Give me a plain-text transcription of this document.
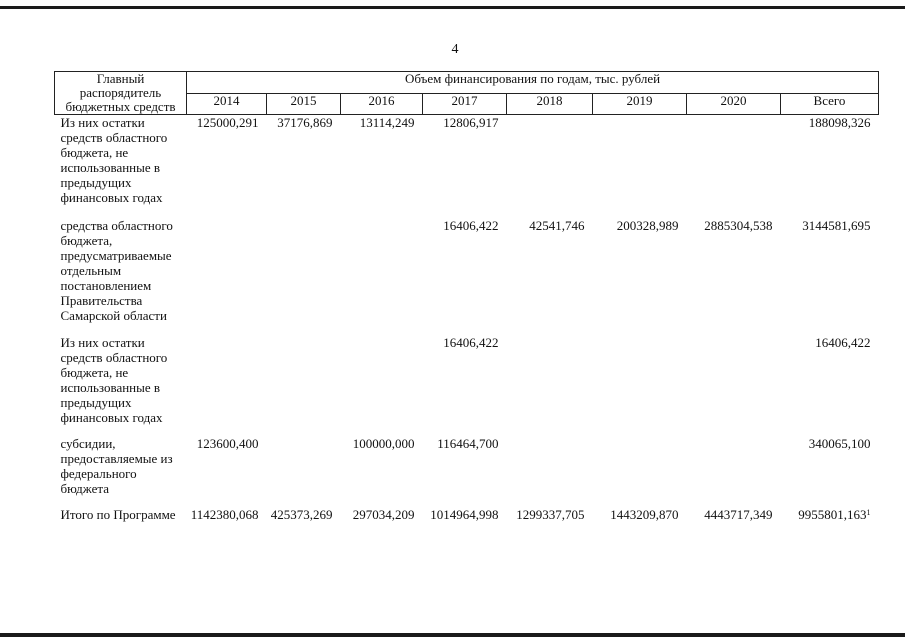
4
Главный распорядитель бюджетных средств	Объем финансирования по годам, тыс. рублей							
	2014	2015	2016	2017	2018	2019	2020	Всего
Из них остатки средств областного бюджета, не использованные в предыдущих финансовых годах	125000,291	37176,869	13114,249	12806,917				188098,326
средства областного бюджета, предусматриваемые отдельным постановлением Правительства Самарской области				16406,422	42541,746	200328,989	2885304,538	3144581,695
Из них остатки средств областного бюджета, не использованные в предыдущих финансовых годах				16406,422				16406,422
субсидии, предоставляемые из федерального бюджета	123600,400		100000,000	116464,700				340065,100
Итого по Программе	1142380,068	425373,269	297034,209	1014964,998	1299337,705	1443209,870	4443717,349	9955801,163$^1$
